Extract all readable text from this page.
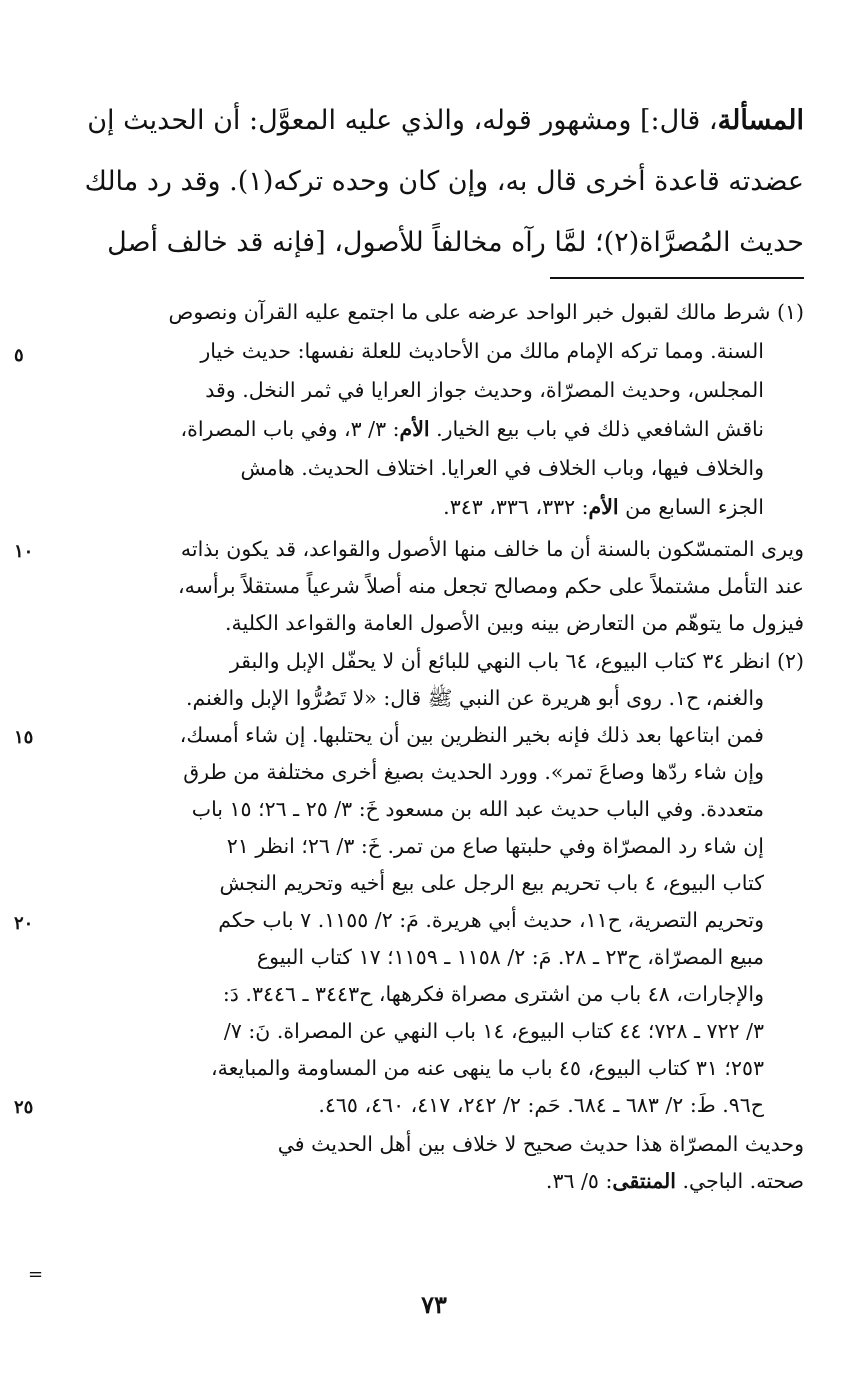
المسألة، قال:] ومشهور قوله، والذي عليه المعوَّل: أن الحديث إن
عضدته قاعدة أخرى قال به، وإن كان وحده تركه(١). وقد رد مالك
حديث المُصرَّاة(٢)؛ لمَّا رآه مخالفاً للأصول، [فإنه قد خالف أصل
(١) شرط مالك لقبول خبر الواحد عرضه على ما اجتمع عليه القرآن ونصوص
السنة. ومما تركه الإمام مالك من الأحاديث للعلة نفسها: حديث خيار
المجلس، وحديث المصرّاة، وحديث جواز العرايا في ثمر النخل. وقد
ناقش الشافعي ذلك في باب بيع الخيار. الأم: ٣/ ٣، وفي باب المصراة،
والخلاف فيها، وباب الخلاف في العرايا. اختلاف الحديث. هامش
الجزء السابع من الأم: ٣٣٢، ٣٣٦، ٣٤٣.
ويرى المتمسّكون بالسنة أن ما خالف منها الأصول والقواعد، قد يكون بذاته
عند التأمل مشتملاً على حكم ومصالح تجعل منه أصلاً شرعياً مستقلاً برأسه،
فيزول ما يتوهّم من التعارض بينه وبين الأصول العامة والقواعد الكلية.
(٢) انظر ٣٤ كتاب البيوع، ٦٤ باب النهي للبائع أن لا يحفّل الإبل والبقر
والغنم، ح١. روى أبو هريرة عن النبي ﷺ قال: «لا تَصُرُّوا الإبل والغنم.
فمن ابتاعها بعد ذلك فإنه بخير النظرين بين أن يحتلبها. إن شاء أمسك،
وإن شاء ردّها وصاعَ تمر». وورد الحديث بصيغ أخرى مختلفة من طرق
متعددة. وفي الباب حديث عبد الله بن مسعود خَ: ٣/ ٢٥ ـ ٢٦؛ ١٥ باب
إن شاء رد المصرّاة وفي حلبتها صاع من تمر. خَ: ٣/ ٢٦؛ انظر ٢١
كتاب البيوع، ٤ باب تحريم بيع الرجل على بيع أخيه وتحريم النجش
وتحريم التصرية، ح١١، حديث أبي هريرة. مَ: ٢/ ١١٥٥. ٧ باب حكم
مبيع المصرّاة، ح٢٣ ـ ٢٨. مَ: ٢/ ١١٥٨ ـ ١١٥٩؛ ١٧ كتاب البيوع
والإجارات، ٤٨ باب من اشترى مصراة فكرهها، ح٣٤٤٣ ـ ٣٤٤٦. دَ:
٣/ ٧٢٢ ـ ٧٢٨؛ ٤٤ كتاب البيوع، ١٤ باب النهي عن المصراة. نَ: ٧/
٢٥٣؛ ٣١ كتاب البيوع، ٤٥ باب ما ينهى عنه من المساومة والمبايعة،
ح٩٦. طَ: ٢/ ٦٨٣ ـ ٦٨٤. حَم: ٢/ ٢٤٢، ٤١٧، ٤٦٠، ٤٦٥.
وحديث المصرّاة هذا حديث صحيح لا خلاف بين أهل الحديث في
صحته. الباجي. المنتقى: ٥/ ٣٦.
٥
١٠
١٥
٢٠
٢٥
=
٧٣
